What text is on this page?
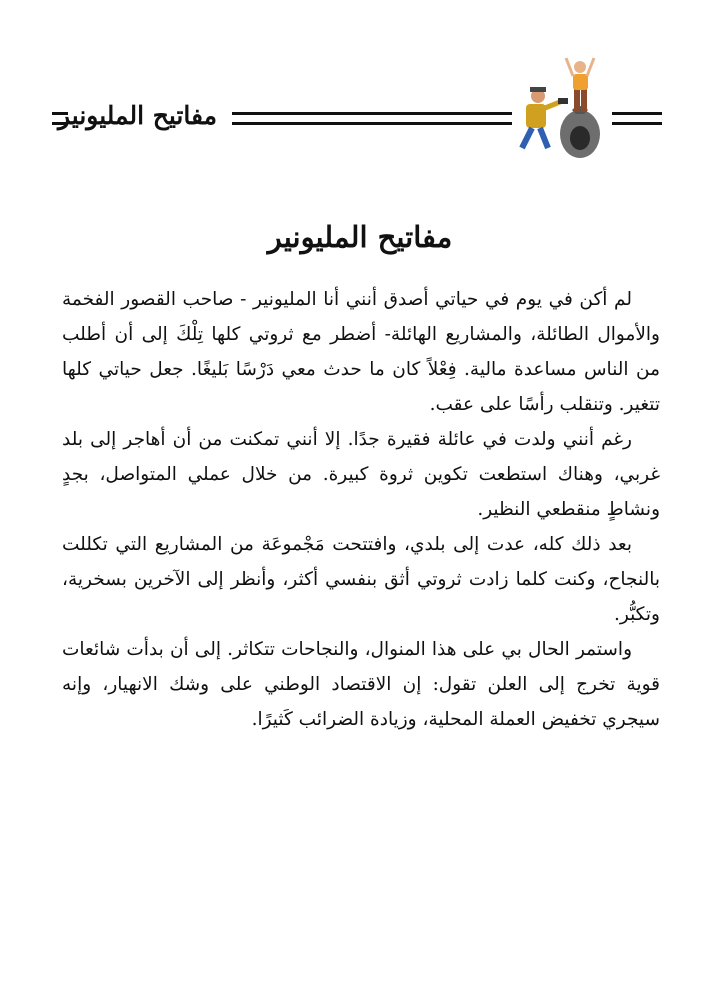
مفاتيح المليونير
مفاتيح المليونير

لم أكن في يوم في حياتي أصدق أنني أنا المليونير - صاحب القصور الفخمة والأموال الطائلة، والمشاريع الهائلة- أضطر مع ثروتي كلها تِلْكَ إلى أن أطلب من الناس مساعدة مالية. فِعْلاً كان ما حدث معي دَرْسًا بَليغًا. جعل حياتي كلها تتغير. وتنقلب رأسًا على عقب.

رغم أنني ولدت في عائلة فقيرة جدًا. إلا أنني تمكنت من أن أهاجر إلى بلد غربي، وهناك استطعت تكوين ثروة كبيرة. من خلال عملي المتواصل، بجدٍ ونشاطٍ منقطعي النظير.

بعد ذلك كله، عدت إلى بلدي، وافتتحت مَجْموعَة من المشاريع التي تكللت بالنجاح، وكنت كلما زادت ثروتي أثق بنفسي أكثر، وأنظر إلى الآخرين بسخرية، وتكبُّر.

واستمر الحال بي على هذا المنوال، والنجاحات تتكاثر. إلى أن بدأت شائعات قوية تخرج إلى العلن تقول: إن الاقتصاد الوطني على وشك الانهيار، وإنه سيجري تخفيض العملة المحلية، وزيادة الضرائب كَثيرًا.
